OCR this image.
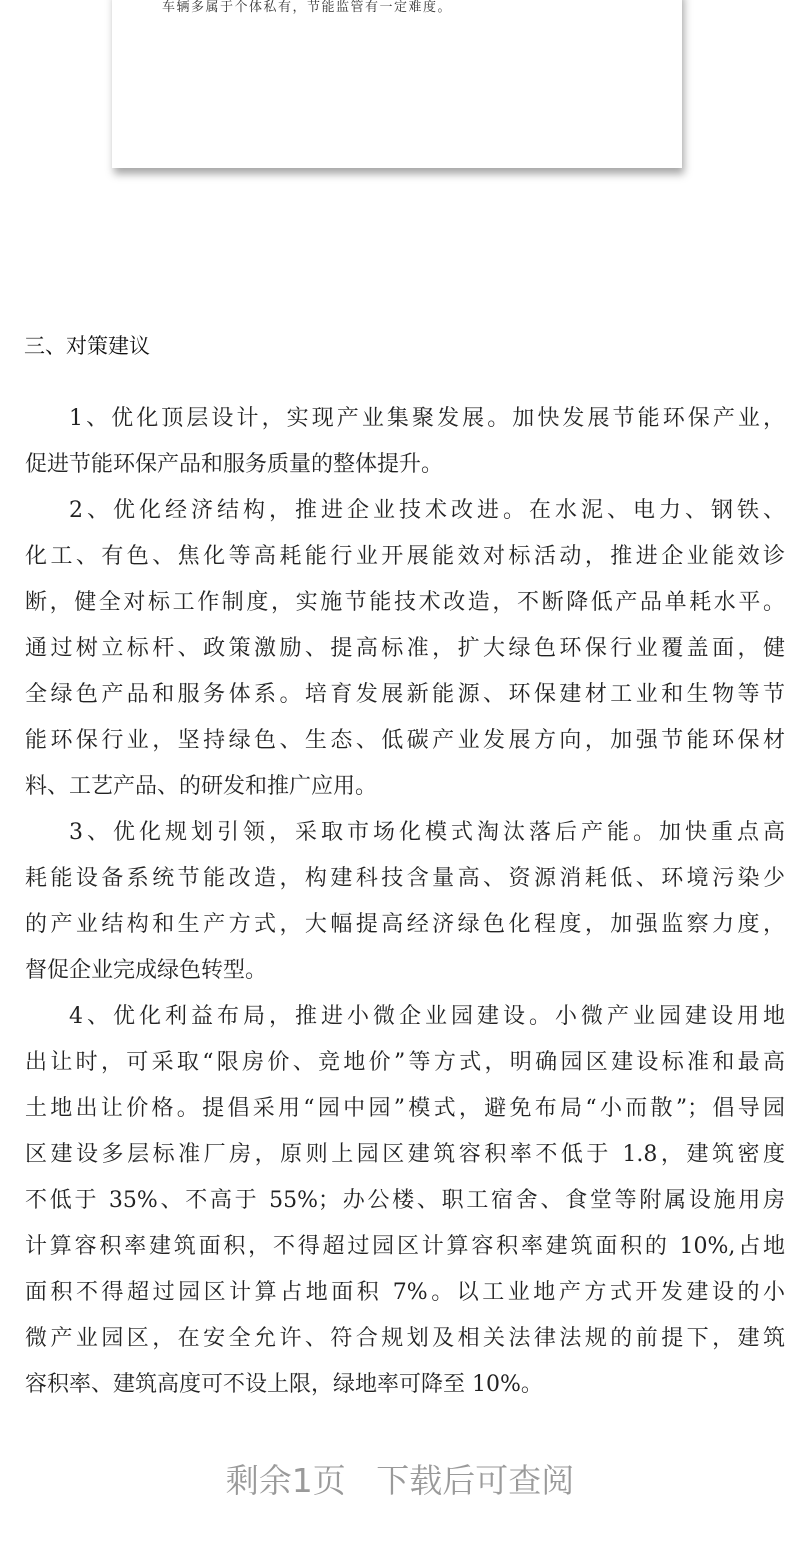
车辆多属于个体私有，节能监管有一定难度。
三、对策建议
1、优化顶层设计，实现产业集聚发展。加快发展节能环保产业，
促进节能环保产品和服务质量的整体提升。
2、优化经济结构，推进企业技术改进。在水泥、电力、钢铁、
化工、有色、焦化等高耗能行业开展能效对标活动，推进企业能效诊
断，健全对标工作制度，实施节能技术改造，不断降低产品单耗水平。
通过树立标杆、政策激励、提高标准，扩大绿色环保行业覆盖面，健
全绿色产品和服务体系。培育发展新能源、环保建材工业和生物等节
能环保行业，坚持绿色、生态、低碳产业发展方向，加强节能环保材
料、工艺产品、的研发和推广应用。
3、优化规划引领，采取市场化模式淘汰落后产能。加快重点高
耗能设备系统节能改造，构建科技含量高、资源消耗低、环境污染少
的产业结构和生产方式，大幅提高经济绿色化程度，加强监察力度，
督促企业完成绿色转型。
4、优化利益布局，推进小微企业园建设。小微产业园建设用地
出让时，可采取“限房价、竞地价”等方式，明确园区建设标准和最高
土地出让价格。提倡采用“园中园”模式，避免布局“小而散”；倡导园
区建设多层标准厂房，原则上园区建筑容积率不低于 1.8，建筑密度
不低于 35%、不高于 55%；办公楼、职工宿舍、食堂等附属设施用房
计算容积率建筑面积，不得超过园区计算容积率建筑面积的 10%,占地
面积不得超过园区计算占地面积 7%。以工业地产方式开发建设的小
微产业园区，在安全允许、符合规划及相关法律法规的前提下，建筑
容积率、建筑高度可不设上限，绿地率可降至 10%。
剩余1页 下载后可查阅
